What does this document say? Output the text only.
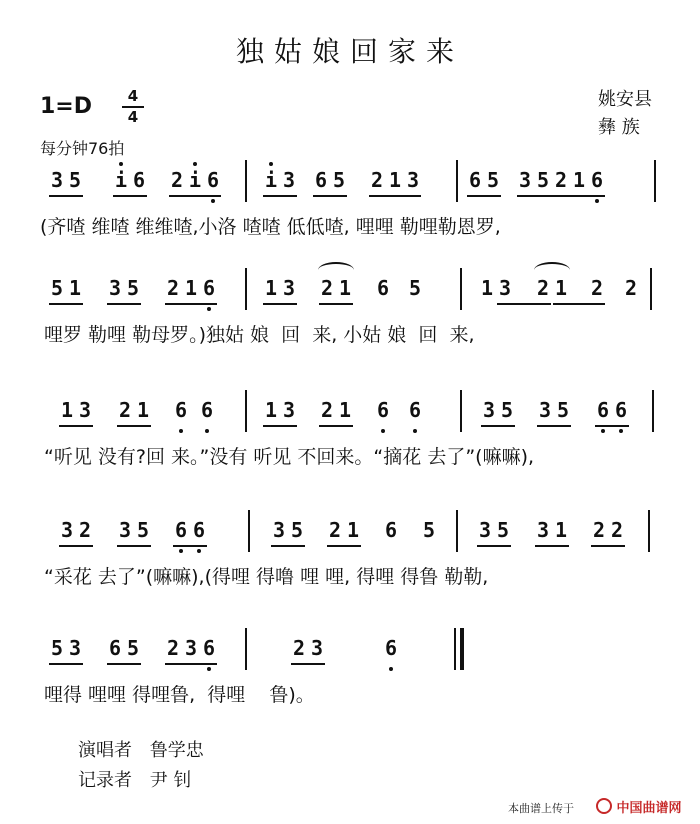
独姑娘回家来
1=D	4
4
每分钟76拍
姚安县
彝 族
3 5 i 6 2 i 6 i 3 6 5 2 1 3 6 5 3 5 2 1 6
(齐喳 维喳 维维喳,小洛 喳喳 低低喳, 哩哩 勒哩勒恩罗,
5 1 3 5 2 1 6 1 3 2 1 6 5	1 3 2 1 2 2
哩罗 勒哩 勒母罗。)独姑 娘  回  来, 小姑 娘  回  来,
1 3 2 1 6 6	1 3 2 1 6 6	3 5 3 5 6 6
“听见 没有?回 来。”没有 听见 不回来。“摘花 去了”(嘛嘛),
3 2 3 5 6 6	3 5 2 1 6 5 3 5 3 1 2 2
“采花 去了”(嘛嘛),(得哩 得噜 哩 哩, 得哩 得鲁 勒勒,
5 3 6 5 2 3 6	2 3	6
哩得 哩哩 得哩鲁,  得哩    鲁)。
演唱者 鲁学忠
记录者 尹 钊
本曲谱上传于	中国曲谱网
